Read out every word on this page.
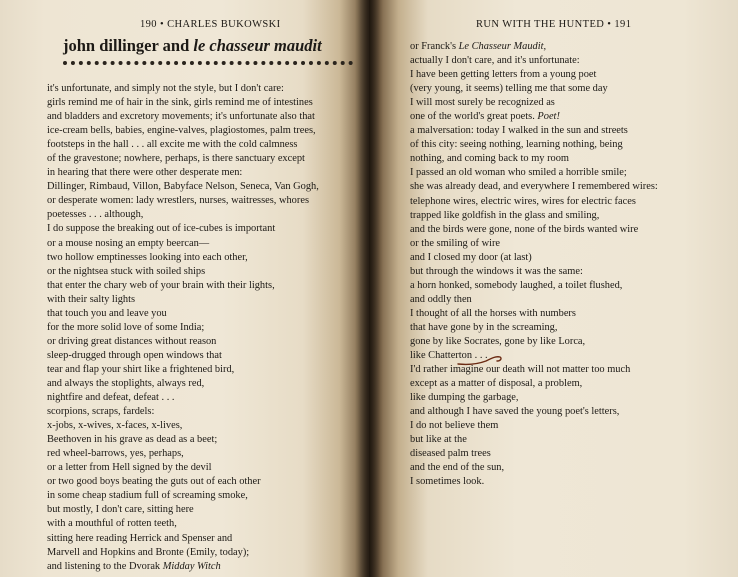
190 • CHARLES BUKOWSKI
john dillinger and le chasseur maudit
it's unfortunate, and simply not the style, but I don't care:
girls remind me of hair in the sink, girls remind me of intestines
and bladders and excretory movements; it's unfortunate also that
ice-cream bells, babies, engine-valves, plagiostomes, palm trees,
footsteps in the hall . . . all excite me with the cold calmness
of the gravestone; nowhere, perhaps, is there sanctuary except
in hearing that there were other desperate men:
Dillinger, Rimbaud, Villon, Babyface Nelson, Seneca, Van Gogh,
or desperate women: lady wrestlers, nurses, waitresses, whores
poetesses . . . although,
I do suppose the breaking out of ice-cubes is important
or a mouse nosing an empty beercan—
two hollow emptinesses looking into each other,
or the nightsea stuck with soiled ships
that enter the chary web of your brain with their lights,
with their salty lights
that touch you and leave you
for the more solid love of some India;
or driving great distances without reason
sleep-drugged through open windows that
tear and flap your shirt like a frightened bird,
and always the stoplights, always red,
nightfire and defeat, defeat . . .
scorpions, scraps, fardels:
x-jobs, x-wives, x-faces, x-lives,
Beethoven in his grave as dead as a beet;
red wheel-barrows, yes, perhaps,
or a letter from Hell signed by the devil
or two good boys beating the guts out of each other
in some cheap stadium full of screaming smoke,
but mostly, I don't care, sitting here
with a mouthful of rotten teeth,
sitting here reading Herrick and Spenser and
Marvell and Hopkins and Bronte (Emily, today);
and listening to the Dvorak Midday Witch
RUN WITH THE HUNTED • 191
or Franck's Le Chasseur Maudit,
actually I don't care, and it's unfortunate:
I have been getting letters from a young poet
(very young, it seems) telling me that some day
I will most surely be recognized as
one of the world's great poets. Poet!
a malversation: today I walked in the sun and streets
of this city: seeing nothing, learning nothing, being
nothing, and coming back to my room
I passed an old woman who smiled a horrible smile;
she was already dead, and everywhere I remembered wires:
telephone wires, electric wires, wires for electric faces
trapped like goldfish in the glass and smiling,
and the birds were gone, none of the birds wanted wire
or the smiling of wire
and I closed my door (at last)
but through the windows it was the same:
a horn honked, somebody laughed, a toilet flushed,
and oddly then
I thought of all the horses with numbers
that have gone by in the screaming,
gone by like Socrates, gone by like Lorca,
like Chatterton . . .
I'd rather imagine our death will not matter too much
except as a matter of disposal, a problem,
like dumping the garbage,
and although I have saved the young poet's letters,
I do not believe them
but like at the
diseased palm trees
and the end of the sun,
I sometimes look.
